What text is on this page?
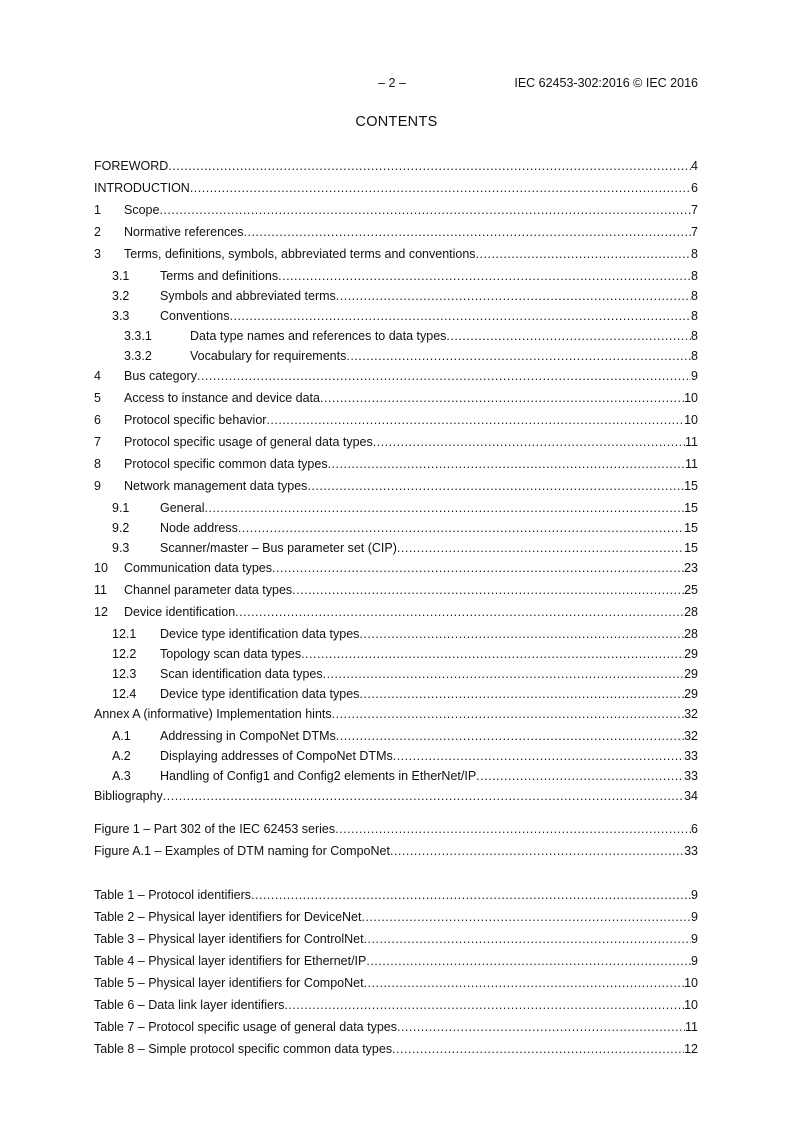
– 2 –	IEC 62453-302:2016 © IEC 2016
CONTENTS
FOREWORD .....	4
INTRODUCTION .....	6
1	Scope .....	7
2	Normative references .....	7
3	Terms, definitions, symbols, abbreviated terms and conventions .....	8
3.1	Terms and definitions .....	8
3.2	Symbols and abbreviated terms .....	8
3.3	Conventions .....	8
3.3.1	Data type names and references to data types .....	8
3.3.2	Vocabulary for requirements .....	8
4	Bus category .....	9
5	Access to instance and device data .....	10
6	Protocol specific behavior .....	10
7	Protocol specific usage of general data types .....	11
8	Protocol specific common data types .....	11
9	Network management data types .....	15
9.1	General .....	15
9.2	Node address .....	15
9.3	Scanner/master – Bus parameter set (CIP) .....	15
10	Communication data types .....	23
11	Channel parameter data types .....	25
12	Device identification .....	28
12.1	Device type identification data types .....	28
12.2	Topology scan data types .....	29
12.3	Scan identification data types .....	29
12.4	Device type identification data types .....	29
Annex A (informative) Implementation hints .....	32
A.1	Addressing in CompoNet DTMs .....	32
A.2	Displaying addresses of CompoNet DTMs .....	33
A.3	Handling of Config1 and Config2 elements in EtherNet/IP .....	33
Bibliography .....	34
Figure 1 – Part 302 of the IEC 62453 series .....	6
Figure A.1 – Examples of DTM naming for CompoNet .....	33
Table 1 – Protocol identifiers .....	9
Table 2 – Physical layer identifiers for DeviceNet .....	9
Table 3 – Physical layer identifiers for ControlNet .....	9
Table 4 – Physical layer identifiers for Ethernet/IP .....	9
Table 5 – Physical layer identifiers for CompoNet .....	10
Table 6 – Data link layer identifiers .....	10
Table 7 – Protocol specific usage of general data types .....	11
Table 8 – Simple protocol specific common data types .....	12
